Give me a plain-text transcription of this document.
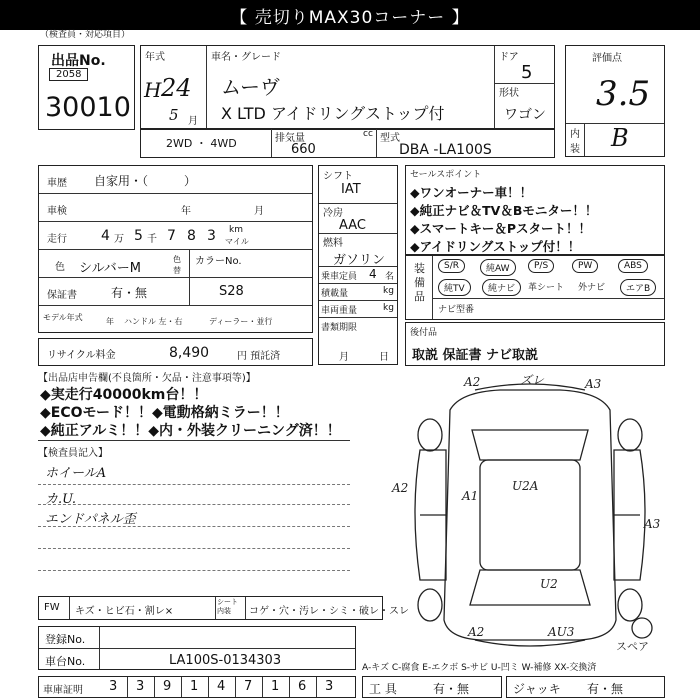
【 売切りMAX30コーナー 】
（検査員・対応項目）
出品No.
2058
30010
年式
H 24
5 月
車名・グレード
ムーヴ
X LTD アイドリングストップ付
ドア
5
形状
ワゴン
評価点
3.5
内
装 B
2WD ・ 4WD	排気量	cc
660
型式
DBA -LA100S
車歴 自家用・（　　　）
車検	年	月
走行 4 万 5 千 7 8 3 km
マイル
色 シルバーM
色替
カラーNo.
S28
保証書	有・無
モデル年式	年 ハンドル 左・右	ディーラー・並行
リサイクル料金	8,490	円 預託済
シフト
IAT
冷房
AAC
燃料
ガソリン
乗車定員 4 名
積載量	kg
車両重量	kg
書類期限
月	日
セールスポイント
◆ワンオーナー車！！
◆純正ナビ＆TV＆Bモニター！！
◆スマートキー＆Pスタート！！
◆アイドリングストップ付！！
装備品
S/R	純AW	P/S	PW	ABS
純TV	純ナビ	革シート 外ナビ	エアB
ナビ型番
後付品
取説 保証書 ナビ取説
【出品店申告欄(不良箇所・欠品・注意事項等)】
◆実走行40000km台！！
◆ECOモード！！◆電動格納ミラー！！
◆純正アルミ！！◆内・外装クリーニング済！！
【検査員記入】
ホイールA
カ.U.
エンドパネル歪
FW キズ・ヒビ石・割レ×
シート内装	コゲ・穴・汚レ・シミ・破レ・スレ
登録No.
車台No.	LA100S-0134303	A-キズ C-腐食 E-エクボ S-サビ U-凹ミ W-補修 XX-交換済
車庫証明 3 3 9 1 4 7 1 6 3	工 具	有・無	ジャッキ 有・無
A2	ズレ	A3
A2
A1
U2A
A3
U2
A2	AU3
スペア
